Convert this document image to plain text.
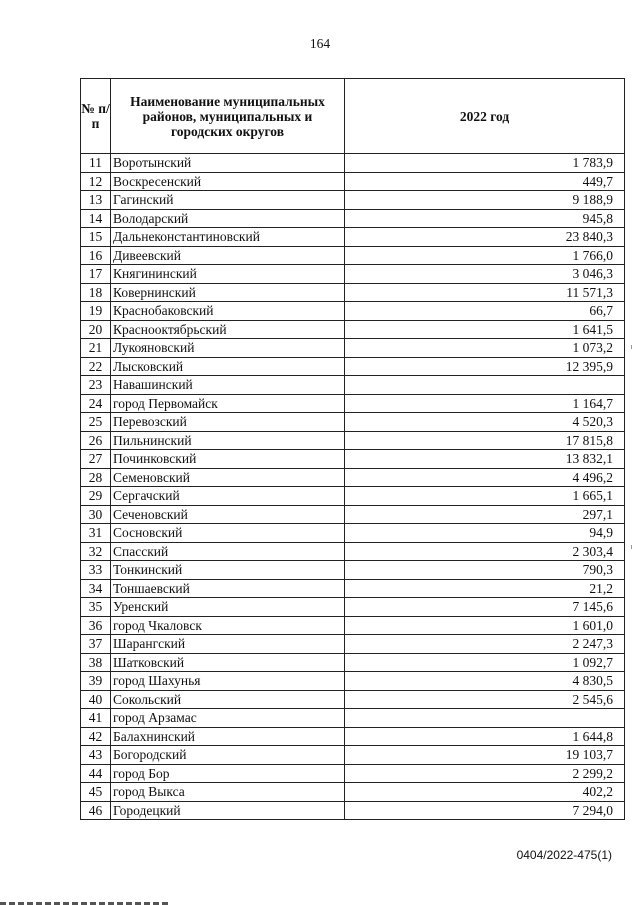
164
№ п/п	Наименование муниципальных районов, муниципальных и городских округов	2022 год
11	Воротынский	1 783,9
12	Воскресенский	449,7
13	Гагинский	9 188,9
14	Володарский	945,8
15	Дальнеконстантиновский	23 840,3
16	Дивеевский	1 766,0
17	Княгининский	3 046,3
18	Ковернинский	11 571,3
19	Краснобаковский	66,7
20	Краснооктябрьский	1 641,5
21	Лукояновский	1 073,2
22	Лысковский	12 395,9
23	Навашинский	
24	город Первомайск	1 164,7
25	Перевозский	4 520,3
26	Пильнинский	17 815,8
27	Починковский	13 832,1
28	Семеновский	4 496,2
29	Сергачский	1 665,1
30	Сеченовский	297,1
31	Сосновский	94,9
32	Спасский	2 303,4
33	Тонкинский	790,3
34	Тоншаевский	21,2
35	Уренский	7 145,6
36	город Чкаловск	1 601,0
37	Шарангский	2 247,3
38	Шатковский	1 092,7
39	город Шахунья	4 830,5
40	Сокольский	2 545,6
41	город Арзамас	
42	Балахнинский	1 644,8
43	Богородский	19 103,7
44	город Бор	2 299,2
45	город Выкса	402,2
46	Городецкий	7 294,0
0404/2022-475(1)
